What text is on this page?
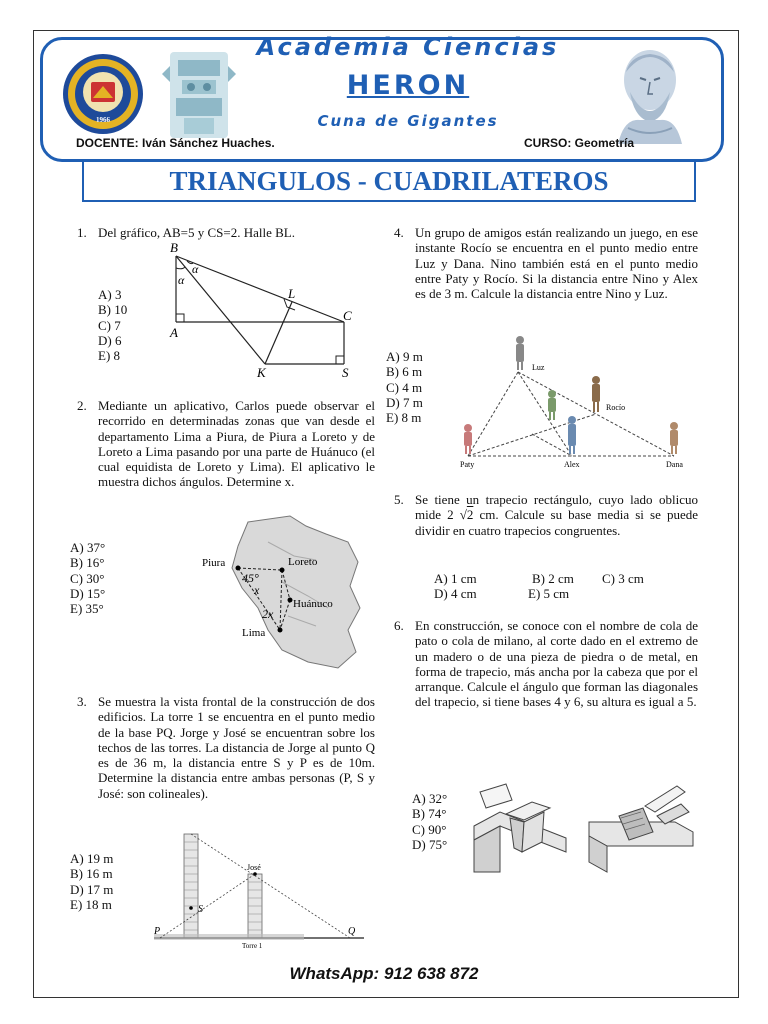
1966
Academia Ciencias
HERON
Cuna de Gigantes
DOCENTE: Iván Sánchez Huaches.	CURSO: Geometría
TRIANGULOS - CUADRILATEROS
1. Del gráfico, AB=5 y CS=2. Halle BL.
A) 3
B) 10
C) 7
D) 6
E) 8
B
A
L
C
K	S
α
α
2. Mediante un aplicativo, Carlos puede observar el recorrido en determinadas zonas que van desde el departamento Lima a Piura, de Piura a Loreto y de Loreto a Lima pasando por una parte de Huánuco (el cual equidista de Loreto y Lima). El aplicativo le muestra dichos ángulos. Determine x.
A) 37°
B) 16°
C) 30°
D) 15°
E) 35°
Piura	Loreto
Huánuco
Lima
45°
x
2x
3. Se muestra la vista frontal de la construcción de dos edificios. La torre 1 se encuentra en el punto medio de la base PQ. Jorge y José se encuentran sobre los techos de las torres. La distancia de Jorge al punto Q es de 36 m, la distancia entre S y P es de 10m. Determine la distancia entre ambas personas (P, S y José: son colineales).
A) 19 m
B) 16 m
D) 17 m
E) 18 m
José
S
P	Q
Torre 1
4. Un grupo de amigos están realizando un juego, en ese instante Rocío se encuentra en el punto medio entre Luz y Dana. Nino también está en el punto medio entre Paty y Rocío. Si la distancia entre Nino y Alex es de 3 m. Calcule la distancia entre Nino y Luz.
A) 9 m
B) 6 m
C) 4 m
D) 7 m
E) 8 m
Luz
Rocío
Paty	Alex	Dana
5. Se tiene un trapecio rectángulo, cuyo lado oblicuo mide 2 √2 cm. Calcule su base media si se puede dividir en cuatro trapecios congruentes.
A) 1 cm	B) 2 cm C) 3 cm
D) 4 cm	E) 5 cm
6. En construcción, se conoce con el nombre de cola de pato o cola de milano, al corte dado en el extremo de un madero o de una pieza de piedra o de metal, en forma de trapecio, más ancha por la cabeza que por el arranque. Calcule el ángulo que forman las diagonales del trapecio, si tiene bases 4 y 6, su altura es igual a 5.
A) 32°
B) 74°
C) 90°
D) 75°
WhatsApp: 912 638 872
